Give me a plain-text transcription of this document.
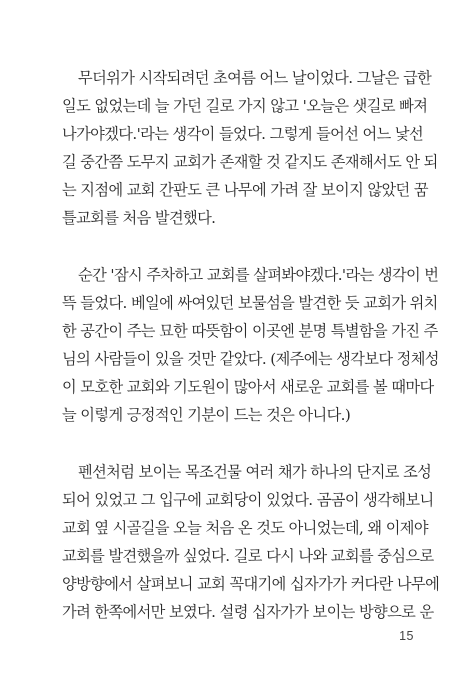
무더위가 시작되려던 초여름 어느 날이었다. 그날은 급한
일도 없었는데 늘 가던 길로 가지 않고 '오늘은 샛길로 빠져
나가야겠다.'라는 생각이 들었다. 그렇게 들어선 어느 낯선
길 중간쯤 도무지 교회가 존재할 것 같지도 존재해서도 안 되
는 지점에 교회 간판도 큰 나무에 가려 잘 보이지 않았던 꿈
틀교회를 처음 발견했다.
순간 '잠시 주차하고 교회를 살펴봐야겠다.'라는 생각이 번
뜩 들었다. 베일에 싸여있던 보물섬을 발견한 듯 교회가 위치
한 공간이 주는 묘한 따뜻함이 이곳엔 분명 특별함을 가진 주
님의 사람들이 있을 것만 같았다. (제주에는 생각보다 정체성
이 모호한 교회와 기도원이 많아서 새로운 교회를 볼 때마다
늘 이렇게 긍정적인 기분이 드는 것은 아니다.)
펜션처럼 보이는 목조건물 여러 채가 하나의 단지로 조성
되어 있었고 그 입구에 교회당이 있었다. 곰곰이 생각해보니
교회 옆 시골길을 오늘 처음 온 것도 아니었는데, 왜 이제야
교회를 발견했을까 싶었다. 길로 다시 나와 교회를 중심으로
양방향에서 살펴보니 교회 꼭대기에 십자가가 커다란 나무에
가려 한쪽에서만 보였다. 설령 십자가가 보이는 방향으로 운
15
